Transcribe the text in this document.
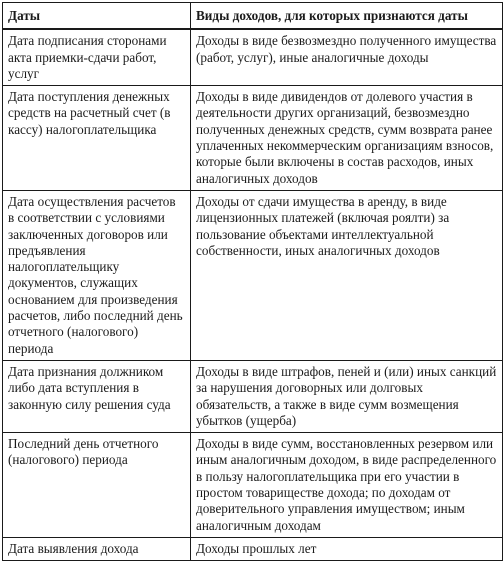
Даты	Виды доходов, для которых признаются даты
Дата подписания сторонами акта приемки-сдачи работ, услуг	Доходы в виде безвозмездно полученного имущества (работ, услуг), иные аналогичные доходы
Дата поступления денежных средств на расчетный счет (в кассу) налогоплательщика	Доходы в виде дивидендов от долевого участия в деятельности других организаций, безвозмездно полученных денежных средств, сумм возврата ранее уплаченных некоммерческим организациям взносов, которые были включены в состав расходов, иных аналогичных доходов
Дата осуществления расчетов в соответствии с условиями заключенных договоров или предъявления налогоплательщику документов, служащих основанием для произведения расчетов, либо последний день отчетного (налогового) периода	Доходы от сдачи имущества в аренду, в виде лицензионных платежей (включая роялти) за пользование объектами интеллектуальной собственности, иных аналогичных доходов
Дата признания должником либо дата вступления в законную силу решения суда	Доходы в виде штрафов, пеней и (или) иных санкций за нарушения договорных или долговых обязательств, а также в виде сумм возмещения убытков (ущерба)
Последний день отчетного (налогового) периода	Доходы в виде сумм, восстановленных резервом или иным аналогичным доходом, в виде распределенного в пользу налогоплательщика при его участии в простом товариществе дохода; по доходам от доверительного управления имуществом; иным аналогичным доходам
Дата выявления дохода	Доходы прошлых лет
